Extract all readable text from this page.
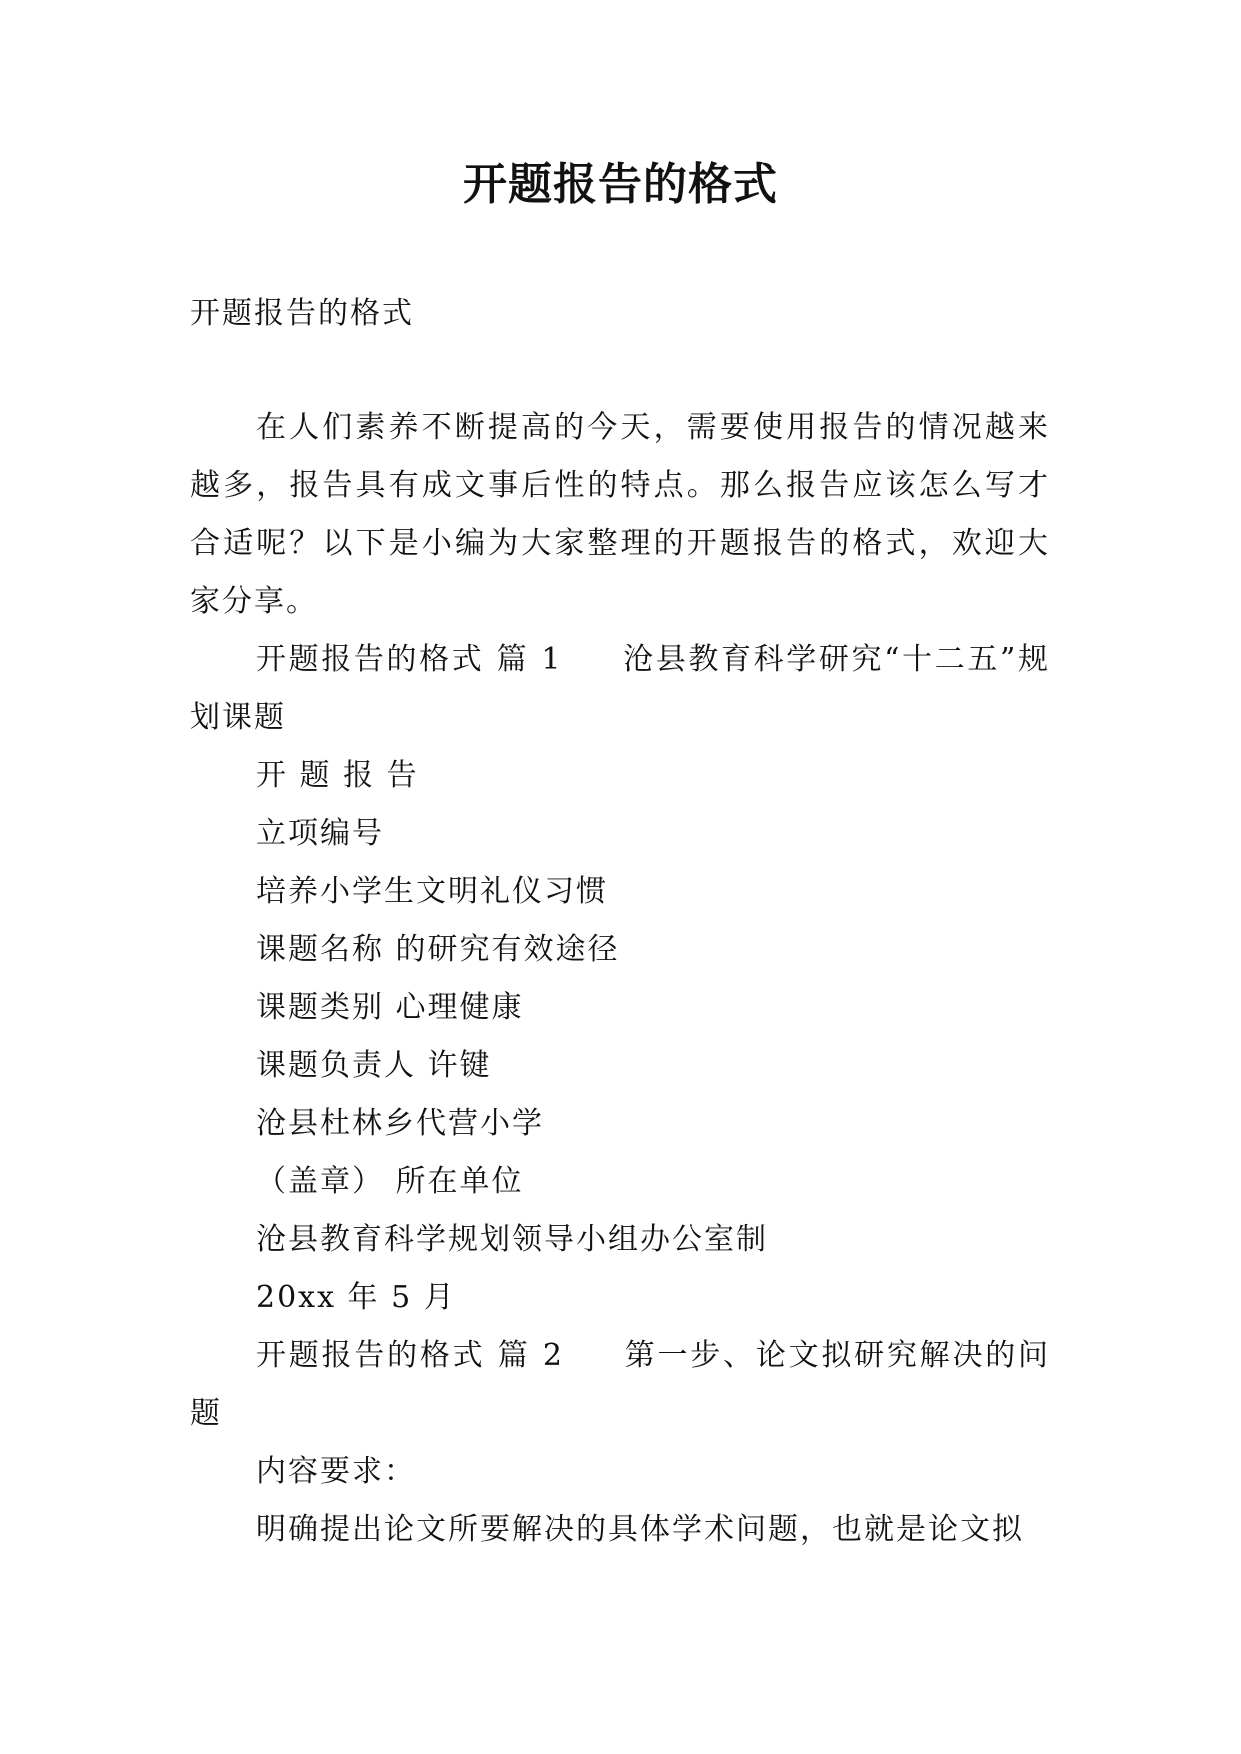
开题报告的格式
开题报告的格式

在人们素养不断提高的今天，需要使用报告的情况越来越多，报告具有成文事后性的特点。那么报告应该怎么写才合适呢？以下是小编为大家整理的开题报告的格式，欢迎大家分享。

开题报告的格式 篇 1 沧县教育科学研究“十二五”规划课题

开 题 报 告

立项编号

培养小学生文明礼仪习惯

课题名称 的研究有效途径

课题类别 心理健康

课题负责人 许键

沧县杜林乡代营小学

（盖章） 所在单位

沧县教育科学规划领导小组办公室制

20xx 年 5 月

开题报告的格式 篇 2 第一步、论文拟研究解决的问题

内容要求：

明确提出论文所要解决的具体学术问题，也就是论文拟
